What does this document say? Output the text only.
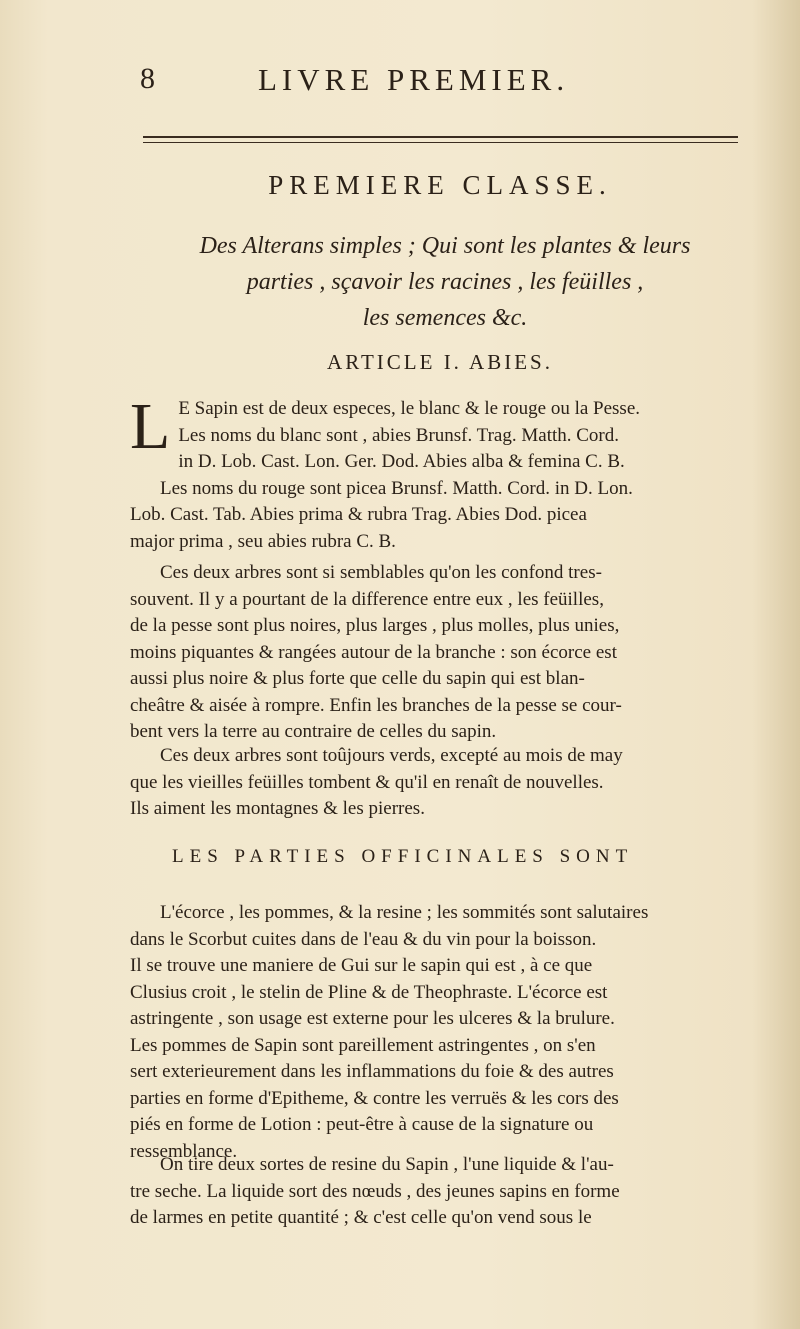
8	LIVRE PREMIER.
PREMIERE CLASSE.
Des Alterans simples ; Qui sont les plantes & leurs
parties , sçavoir les racines , les feüilles ,
les semences &c.
ARTICLE I. ABIES.
L E Sapin est de deux especes, le blanc & le rouge ou la Pesse.
Les noms du blanc sont , abies Brunsf. Trag. Matth. Cord.
in D. Lob. Cast. Lon. Ger. Dod. Abies alba & femina C. B.
Les noms du rouge sont picea Brunsf. Matth. Cord. in D. Lon.
Lob. Cast. Tab. Abies prima & rubra Trag. Abies Dod. picea
major prima , seu abies rubra C. B.
Ces deux arbres sont si semblables qu'on les confond tres-
souvent. Il y a pourtant de la difference entre eux , les feüilles,
de la pesse sont plus noires, plus larges , plus molles, plus unies,
moins piquantes & rangées autour de la branche : son écorce est
aussi plus noire & plus forte que celle du sapin qui est blan-
cheâtre & aisée à rompre. Enfin les branches de la pesse se cour-
bent vers la terre au contraire de celles du sapin.
Ces deux arbres sont toûjours verds, excepté au mois de may
que les vieilles feüilles tombent & qu'il en renaît de nouvelles.
Ils aiment les montagnes & les pierres.
LES PARTIES OFFICINALES SONT
L'écorce , les pommes, & la resine ; les sommités sont salutaires
dans le Scorbut cuites dans de l'eau & du vin pour la boisson.
Il se trouve une maniere de Gui sur le sapin qui est , à ce que
Clusius croit , le stelin de Pline & de Theophraste. L'écorce est
astringente , son usage est externe pour les ulceres & la brulure.
Les pommes de Sapin sont pareillement astringentes , on s'en
sert exterieurement dans les inflammations du foie & des autres
parties en forme d'Epitheme, & contre les verruës & les cors des
piés en forme de Lotion : peut-être à cause de la signature ou
ressemblance.
On tire deux sortes de resine du Sapin , l'une liquide & l'au-
tre seche. La liquide sort des nœuds , des jeunes sapins en forme
de larmes en petite quantité ; & c'est celle qu'on vend sous le
